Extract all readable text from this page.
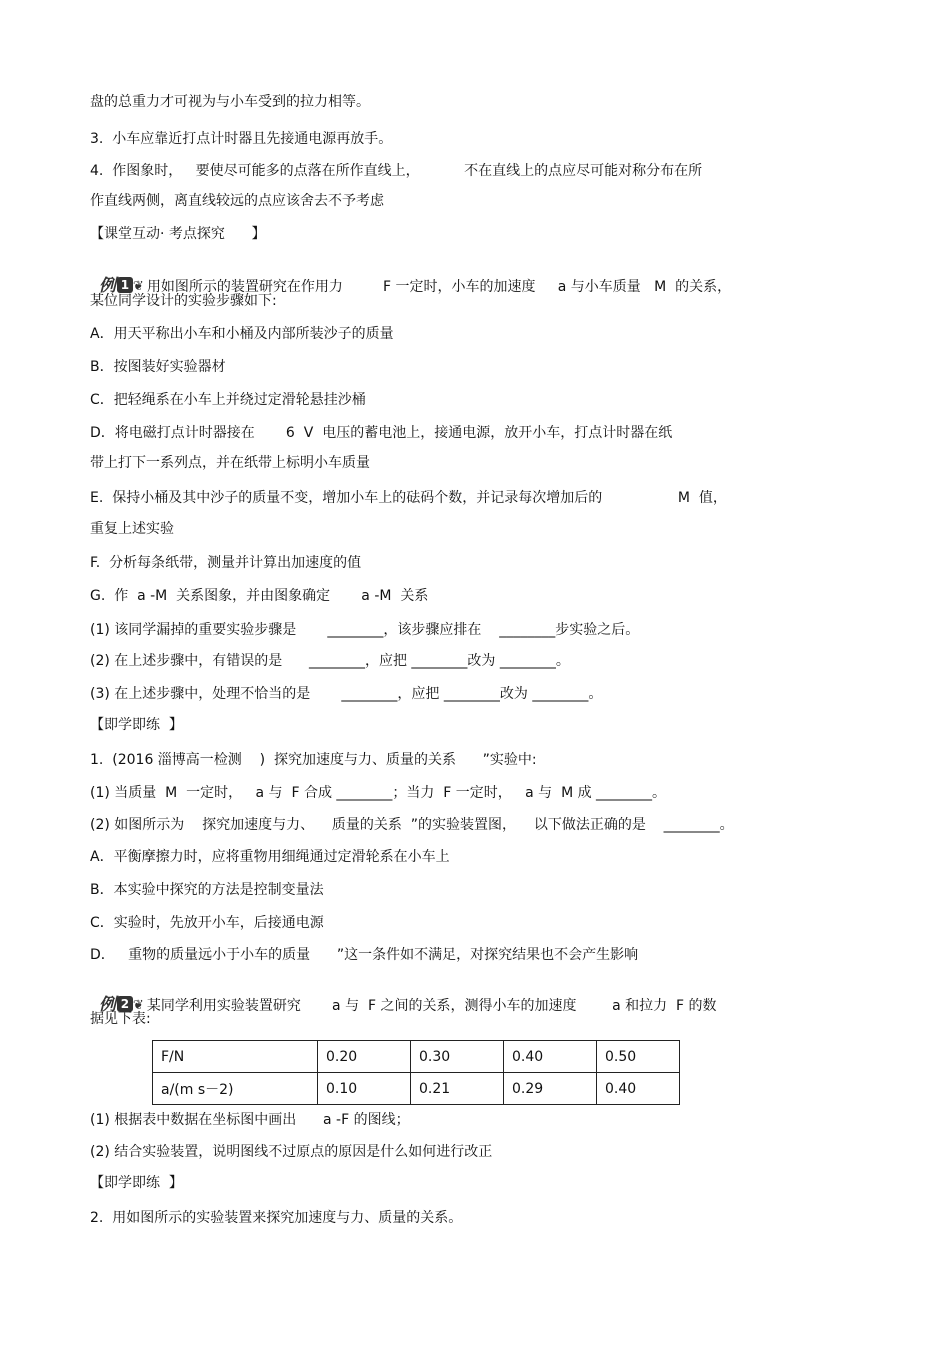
盘的总重力才可视为与小车受到的拉力相等。
3.  小车应靠近打点计时器且先接通电源再放手。
4.  作图象时，   要使尽可能多的点落在所作直线上，          不在直线上的点应尽可能对称分布在所
作直线两侧，离直线较远的点应该舍去不予考虑
【课堂互动· 考点探究      】

例 1 ❦ 用如图所示的装置研究在作用力         F 一定时，小车的加速度     a 与小车质量   M  的关系，

某位同学设计的实验步骤如下:
A．用天平称出小车和小桶及内部所装沙子的质量
B．按图装好实验器材
C．把轻绳系在小车上并绕过定滑轮悬挂沙桶
D．将电磁打点计时器接在       6  V  电压的蓄电池上，接通电源，放开小车，打点计时器在纸
带上打下一系列点，并在纸带上标明小车质量
E.  保持小桶及其中沙子的质量不变，增加小车上的砝码个数，并记录每次增加后的                 M  值，
重复上述实验
F.  分析每条纸带，测量并计算出加速度的值
G.  作  a -M  关系图象，并由图象确定       a -M  关系
(1) 该同学漏掉的重要实验步骤是       ________，该步骤应排在    ________步实验之后。
(2) 在上述步骤中，有错误的是      ________，应把 ________改为 ________。
(3) 在上述步骤中，处理不恰当的是       ________，应把 ________改为 ________。
【即学即练  】
1.  (2016 淄博高一检测    )  探究加速度与力、质量的关系      ”实验中:
(1) 当质量  M  一定时，   a 与  F 合成 ________；当力  F 一定时，   a 与  M 成 ________。
(2) 如图所示为    探究加速度与力、    质量的关系  ”的实验装置图，    以下做法正确的是    ________。
A．平衡摩擦力时，应将重物用细绳通过定滑轮系在小车上
B．本实验中探究的方法是控制变量法
C．实验时，先放开小车，后接通电源
D．   重物的质量远小于小车的质量      ”这一条件如不满足，对探究结果也不会产生影响

例 2 ❦ 某同学利用实验装置研究       a 与  F 之间的关系，测得小车的加速度        a 和拉力  F 的数

据见下表:
F/N	0.20	0.30	0.40	0.50
a/(m s－2)	0.10	0.21	0.29	0.40
(1) 根据表中数据在坐标图中画出      a -F 的图线；
(2) 结合实验装置，说明图线不过原点的原因是什么如何进行改正
【即学即练  】
2.  用如图所示的实验装置来探究加速度与力、质量的关系。
